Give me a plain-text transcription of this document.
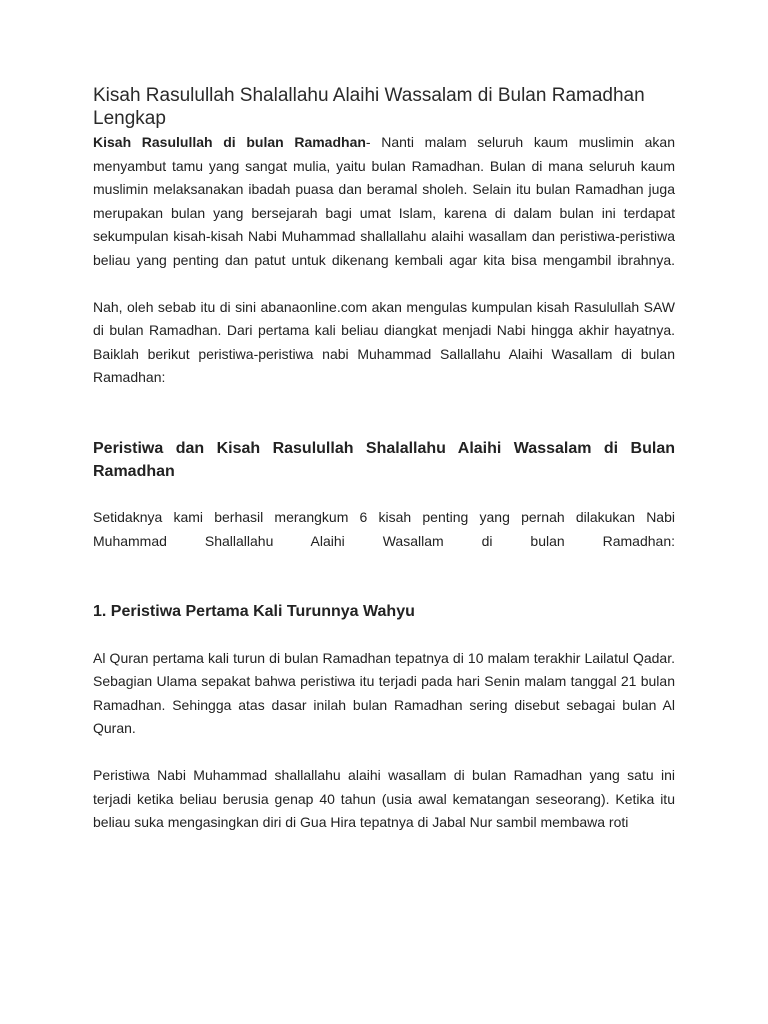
Kisah Rasulullah Shalallahu Alaihi Wassalam di Bulan Ramadhan Lengkap

Kisah Rasulullah di bulan Ramadhan- Nanti malam seluruh kaum muslimin akan menyambut tamu yang sangat mulia, yaitu bulan Ramadhan. Bulan di mana seluruh kaum muslimin melaksanakan ibadah puasa dan beramal sholeh. Selain itu bulan Ramadhan juga merupakan bulan yang bersejarah bagi umat Islam, karena di dalam bulan ini terdapat sekumpulan kisah-kisah Nabi Muhammad shallallahu alaihi wasallam dan peristiwa-peristiwa beliau yang penting dan patut untuk dikenang kembali agar kita bisa mengambil ibrahnya.

Nah, oleh sebab itu di sini abanaonline.com akan mengulas kumpulan kisah Rasulullah SAW di bulan Ramadhan. Dari pertama kali beliau diangkat menjadi Nabi hingga akhir hayatnya. Baiklah berikut peristiwa-peristiwa nabi Muhammad Sallallahu Alaihi Wasallam di bulan Ramadhan:

Peristiwa dan Kisah Rasulullah Shalallahu Alaihi Wassalam di Bulan Ramadhan

Setidaknya kami berhasil merangkum 6 kisah penting yang pernah dilakukan Nabi Muhammad Shallallahu Alaihi Wasallam di bulan Ramadhan:

1. Peristiwa Pertama Kali Turunnya Wahyu

Al Quran pertama kali turun di bulan Ramadhan tepatnya di 10 malam terakhir Lailatul Qadar. Sebagian Ulama sepakat bahwa peristiwa itu terjadi pada hari Senin malam tanggal 21 bulan Ramadhan. Sehingga atas dasar inilah bulan Ramadhan sering disebut sebagai bulan Al Quran.

Peristiwa Nabi Muhammad shallallahu alaihi wasallam di bulan Ramadhan yang satu ini terjadi ketika beliau berusia genap 40 tahun (usia awal kematangan seseorang). Ketika itu beliau suka mengasingkan diri di Gua Hira tepatnya di Jabal Nur sambil membawa roti
